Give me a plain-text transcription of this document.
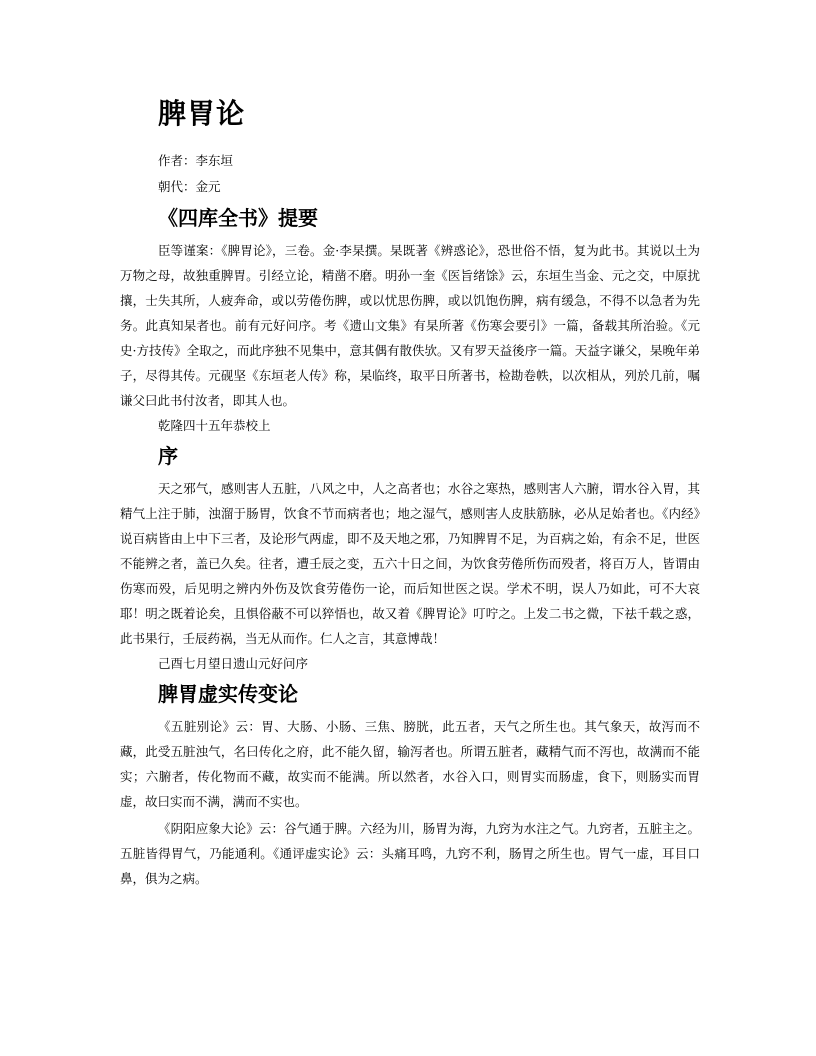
脾胃论
作者：李东垣
朝代：金元
《四库全书》提要

臣等谨案：《脾胃论》，三卷。金·李杲撰。杲既著《辨惑论》，恐世俗不悟，复为此书。其说以土为万物之母，故独重脾胃。引经立论，精凿不磨。明孙一奎《医旨绪馀》云，东垣生当金、元之交，中原扰攘，士失其所，人疲奔命，或以劳倦伤脾，或以忧思伤脾，或以饥饱伤脾，病有缓急，不得不以急者为先务。此真知杲者也。前有元好问序。考《遗山文集》有杲所著《伤寒会要引》一篇，备载其所治验。《元史·方技传》全取之，而此序独不见集中，意其偶有散佚欤。又有罗天益後序一篇。天益字谦父，杲晚年弟子，尽得其传。元砚坚《东垣老人传》称，杲临终，取平日所著书，检勘卷帙，以次相从，列於几前，嘱谦父曰此书付汝者，即其人也。

乾隆四十五年恭校上

序

天之邪气，感则害人五脏，八风之中，人之高者也；水谷之寒热，感则害人六腑，谓水谷入胃，其精气上注于肺，浊溜于肠胃，饮食不节而病者也；地之湿气，感则害人皮肤筋脉，必从足始者也。《内经》说百病皆由上中下三者，及论形气两虚，即不及天地之邪，乃知脾胃不足，为百病之始，有余不足，世医不能辨之者，盖已久矣。往者，遭壬辰之变，五六十日之间，为饮食劳倦所伤而殁者，将百万人，皆谓由伤寒而殁，后见明之辨内外伤及饮食劳倦伤一论，而后知世医之误。学术不明，误人乃如此，可不大哀耶！明之既着论矣，且惧俗蔽不可以猝悟也，故又着《脾胃论》叮咛之。上发二书之微，下祛千载之惑，此书果行，壬辰药祸，当无从而作。仁人之言，其意博哉！

己酉七月望日遗山元好问序

脾胃虚实传变论

《五脏别论》云：胃、大肠、小肠、三焦、膀胱，此五者，天气之所生也。其气象天，故泻而不藏，此受五脏浊气，名曰传化之府，此不能久留，输泻者也。所谓五脏者，藏精气而不泻也，故满而不能实；六腑者，传化物而不藏，故实而不能满。所以然者，水谷入口，则胃实而肠虚，食下，则肠实而胃虚，故曰实而不满，满而不实也。

《阴阳应象大论》云：谷气通于脾。六经为川，肠胃为海，九窍为水注之气。九窍者，五脏主之。五脏皆得胃气，乃能通利。《通评虚实论》云：头痛耳鸣，九窍不利，肠胃之所生也。胃气一虚，耳目口鼻，俱为之病。
